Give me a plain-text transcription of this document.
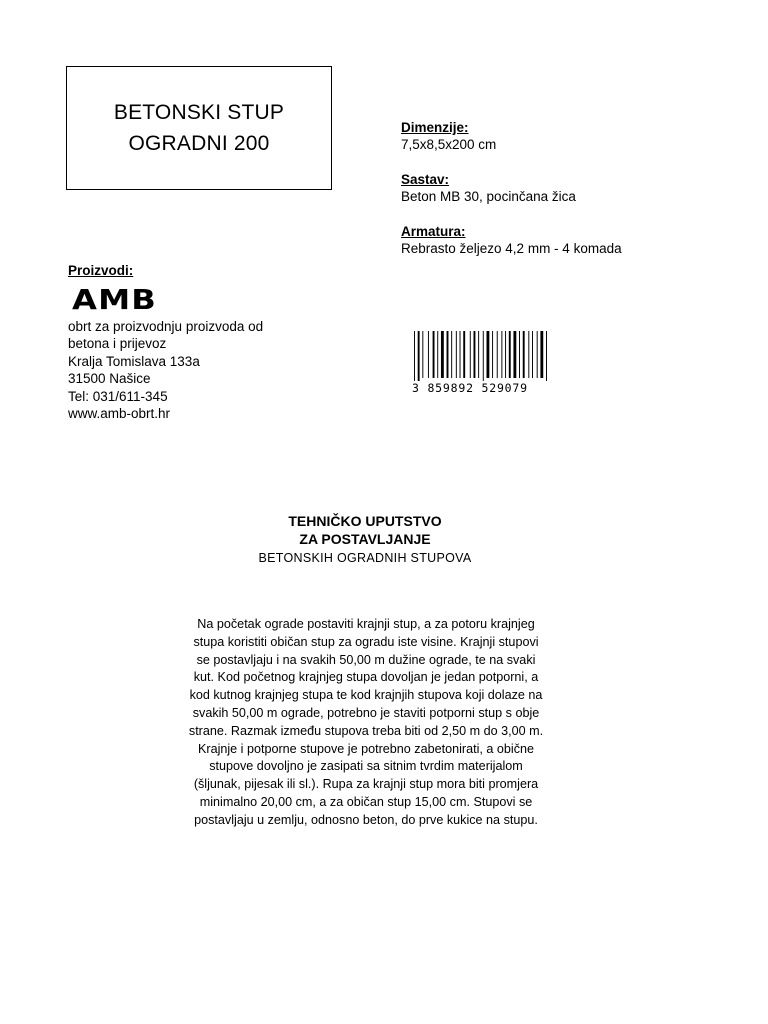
BETONSKI STUP
OGRADNI 200
Dimenzije:
7,5x8,5x200 cm
Sastav:
Beton MB 30, pocinčana žica
Armatura:
Rebrasto željezo 4,2 mm - 4 komada
Proizvodi:
AMB
obrt za proizvodnju proizvoda od
betona i prijevoz
Kralja Tomislava 133a
31500 Našice
Tel: 031/611-345
www.amb-obrt.hr
3 859892 529079
TEHNIČKO UPUTSTVO
ZA POSTAVLJANJE
BETONSKIH OGRADNIH STUPOVA
Na početak ograde postaviti krajnji stup, a za potoru krajnjeg
stupa koristiti običan stup za ogradu iste visine. Krajnji stupovi
se postavljaju i na svakih 50,00 m dužine ograde, te na svaki
kut. Kod početnog krajnjeg stupa dovoljan je jedan potporni, a
kod kutnog krajnjeg stupa te kod krajnjih stupova koji dolaze na
svakih 50,00 m ograde, potrebno je staviti potporni stup s obje
strane. Razmak između stupova treba biti od 2,50 m do 3,00 m.
Krajnje i potporne stupove je potrebno zabetonirati, a obične
stupove dovoljno je zasipati sa sitnim tvrdim materijalom
(šljunak, pijesak ili sl.). Rupa za krajnji stup mora biti promjera
minimalno 20,00 cm, a za običan stup 15,00 cm. Stupovi se
postavljaju u zemlju, odnosno beton, do prve kukice na stupu.
